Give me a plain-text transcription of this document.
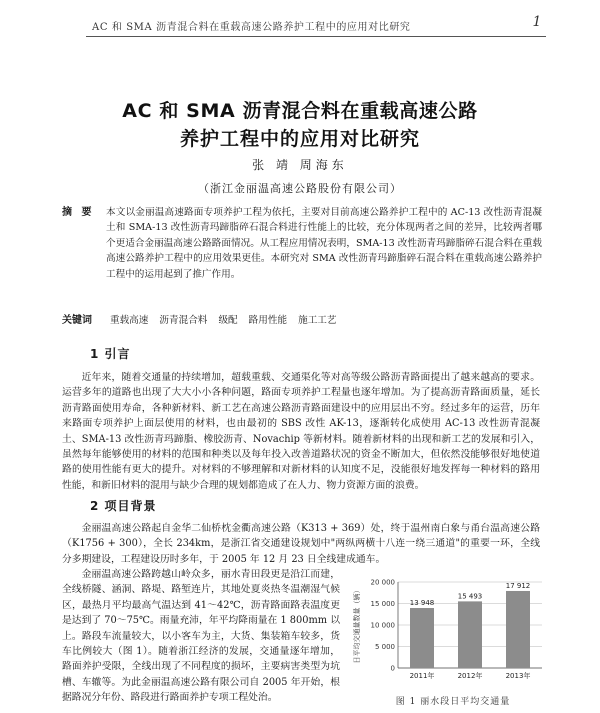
AC 和 SMA 沥青混合料在重载高速公路养护工程中的应用对比研究	1
AC 和 SMA 沥青混合料在重载高速公路
养护工程中的应用对比研究
张 靖 周海东
（浙江金丽温高速公路股份有限公司）
摘 要 本文以金丽温高速路面专项养护工程为依托，主要对目前高速公路养护工程中的 AC-13 改性沥青混凝土和 SMA-13 改性沥青玛蹄脂碎石混合料进行性能上的比较，充分体现两者之间的差异，比较两者哪个更适合金丽温高速公路路面情况。从工程应用情况表明，SMA-13 改性沥青玛蹄脂碎石混合料在重载高速公路养护工程中的应用效果更佳。本研究对 SMA 改性沥青玛蹄脂碎石混合料在重载高速公路养护工程中的运用起到了推广作用。
关键词 重载高速 沥青混合料 级配 路用性能 施工工艺
1 引言

近年来，随着交通量的持续增加，超载重载、交通渠化等对高等级公路沥青路面提出了越来越高的要求。运营多年的道路也出现了大大小小各种问题，路面专项养护工程量也逐年增加。为了提高沥青路面质量，延长沥青路面使用寿命，各种新材料、新工艺在高速公路沥青路面建设中的应用层出不穷。经过多年的运营，历年来路面专项养护上面层使用的材料，也由最初的 SBS 改性 AK-13，逐渐转化成使用 AC-13 改性沥青混凝土、SMA-13 改性沥青玛蹄脂、橡胶沥青、Novachip 等新材料。随着新材料的出现和新工艺的发展和引入，虽然每年能够使用的材料的范围和种类以及每年投入改善道路状况的资金不断加大，但依然没能够很好地使道路的使用性能有更大的提升。对材料的不够理解和对新材料的认知度不足，没能很好地发挥每一种材料的路用性能，和新旧材料的混用与缺少合理的规划都造成了在人力、物力资源方面的浪费。

2 项目背景

金丽温高速公路起自金华二仙桥枕金衢高速公路（K313 + 369）处，终于温州南白象与甬台温高速公路（K1756 + 300），全长 234km，是浙江省交通建设规划中"两纵两横十八连一绕三通道"的重要一环，全线分多期建设，工程建设历时多年，于 2005 年 12 月 23 日全线建成通车。

金丽温高速公路跨越山岭众多，丽水青田段更是沿江而建，全线桥隧、涵洞、路堤、路堑连片，其地处夏炎热冬温潮湿气候区，最热月平均最高气温达到 41～42℃，沥青路面路表温度更是达到了 70～75℃。雨量充沛，年平均降雨量在 1 800mm 以上。路段车流量较大，以小客车为主，大货、集装箱车较多，货车比例较大（图 1）。随着浙江经济的发展，交通量逐年增加，路面养护受限，全线出现了不同程度的损坏，主要病害类型为坑槽、车辙等。为此金丽温高速公路有限公司自 2005 年开始，根据路况分年份、路段进行路面养护专项工程处治。

日平均交通量数量（辆）
0
5 000
10 000
15 000
20 000
13 948
2011年
15 493
2012年
17 912
2013年
图 1 丽水段日平均交通量
